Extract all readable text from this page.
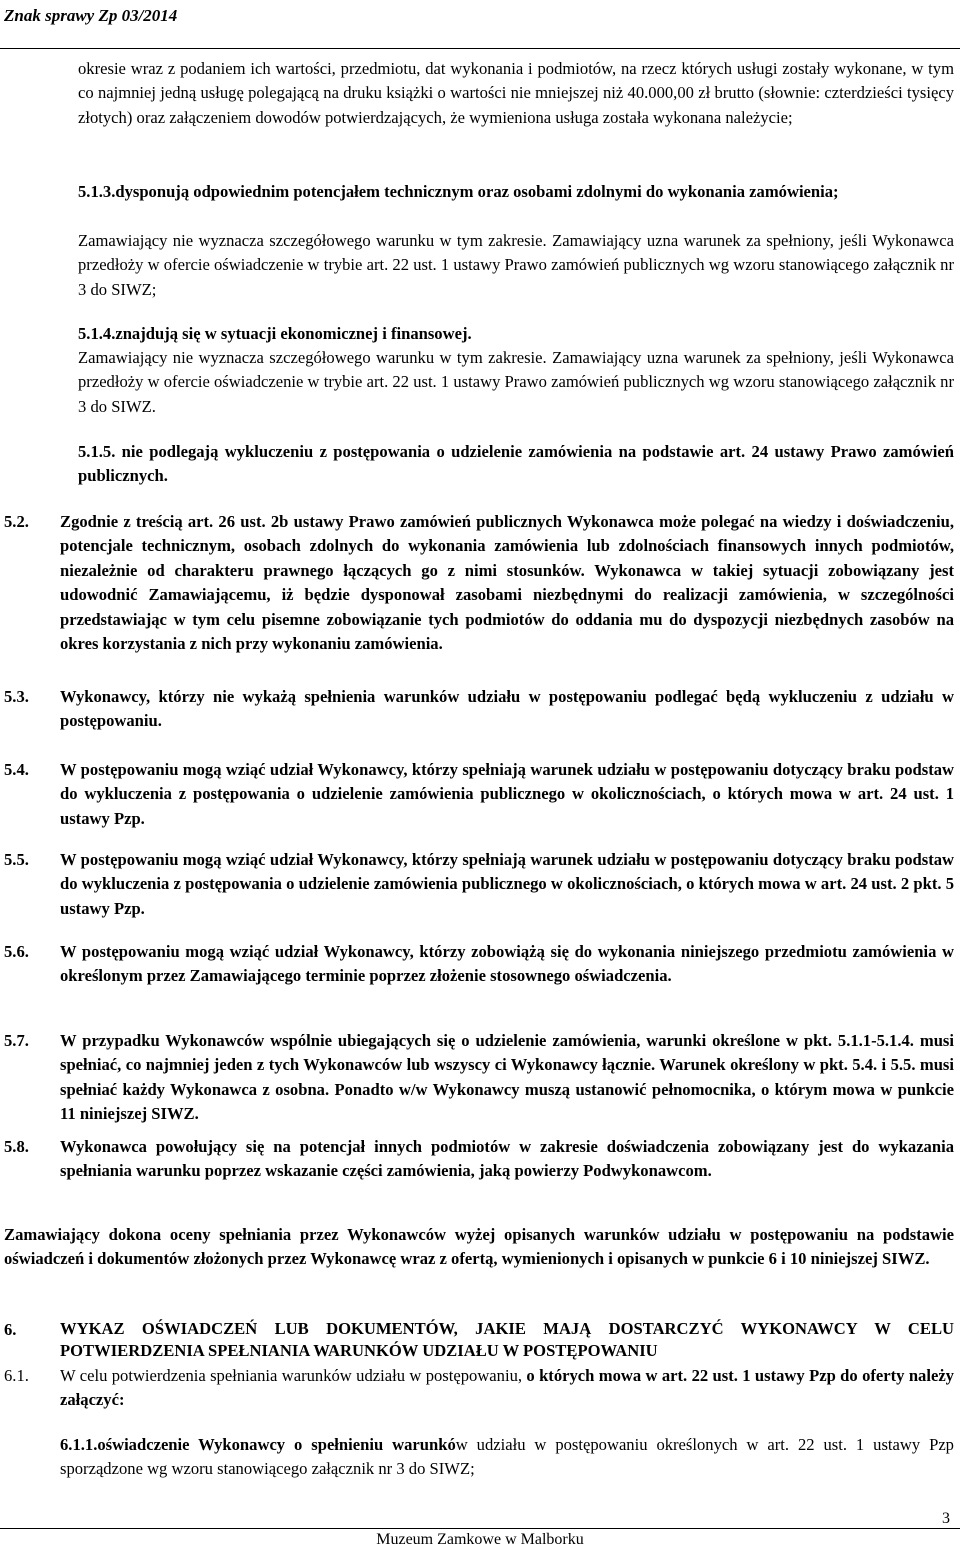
Znak sprawy Zp 03/2014
okresie wraz z podaniem ich wartości, przedmiotu, dat wykonania i podmiotów, na rzecz których usługi zostały wykonane, w tym co najmniej jedną usługę polegającą na druku książki o wartości nie mniejszej niż 40.000,00 zł brutto (słownie: czterdzieści tysięcy złotych) oraz załączeniem dowodów potwierdzających, że wymieniona usługa została wykonana należycie;
5.1.3.dysponują odpowiednim potencjałem technicznym oraz osobami zdolnymi do wykonania zamówienia;
Zamawiający nie wyznacza szczegółowego warunku w tym zakresie. Zamawiający uzna warunek za spełniony, jeśli Wykonawca przedłoży w ofercie oświadczenie w trybie art. 22 ust. 1 ustawy Prawo zamówień publicznych wg wzoru stanowiącego załącznik nr 3 do SIWZ;
5.1.4.znajdują się w sytuacji ekonomicznej i finansowej.
Zamawiający nie wyznacza szczegółowego warunku w tym zakresie. Zamawiający uzna warunek za spełniony, jeśli Wykonawca przedłoży w ofercie oświadczenie w trybie art. 22 ust. 1 ustawy Prawo zamówień publicznych wg wzoru stanowiącego załącznik nr 3 do SIWZ.
5.1.5. nie podlegają wykluczeniu z postępowania o udzielenie zamówienia na podstawie art. 24 ustawy Prawo zamówień publicznych.
5.2. Zgodnie z treścią art. 26 ust. 2b ustawy Prawo zamówień publicznych Wykonawca może polegać na wiedzy i doświadczeniu, potencjale technicznym, osobach zdolnych do wykonania zamówienia lub zdolnościach finansowych innych podmiotów, niezależnie od charakteru prawnego łączących go z nimi stosunków. Wykonawca w takiej sytuacji zobowiązany jest udowodnić Zamawiającemu, iż będzie dysponował zasobami niezbędnymi do realizacji zamówienia, w szczególności przedstawiając w tym celu pisemne zobowiązanie tych podmiotów do oddania mu do dyspozycji niezbędnych zasobów na okres korzystania z nich przy wykonaniu zamówienia.
5.3. Wykonawcy, którzy nie wykażą spełnienia warunków udziału w postępowaniu podlegać będą wykluczeniu z udziału w postępowaniu.
5.4. W postępowaniu mogą wziąć udział Wykonawcy, którzy spełniają warunek udziału w postępowaniu dotyczący braku podstaw do wykluczenia z postępowania o udzielenie zamówienia publicznego w okolicznościach, o których mowa w art. 24 ust. 1 ustawy Pzp.
5.5. W postępowaniu mogą wziąć udział Wykonawcy, którzy spełniają warunek udziału w postępowaniu dotyczący braku podstaw do wykluczenia z postępowania o udzielenie zamówienia publicznego w okolicznościach, o których mowa w art. 24 ust. 2 pkt. 5 ustawy Pzp.
5.6. W postępowaniu mogą wziąć udział Wykonawcy, którzy zobowiążą się do wykonania niniejszego przedmiotu zamówienia w określonym przez Zamawiającego terminie poprzez złożenie stosownego oświadczenia.
5.7. W przypadku Wykonawców wspólnie ubiegających się o udzielenie zamówienia, warunki określone w pkt. 5.1.1-5.1.4. musi spełniać, co najmniej jeden z tych Wykonawców lub wszyscy ci Wykonawcy łącznie. Warunek określony w pkt. 5.4. i 5.5. musi spełniać każdy Wykonawca z osobna. Ponadto w/w Wykonawcy muszą ustanowić pełnomocnika, o którym mowa w punkcie 11 niniejszej SIWZ.
5.8. Wykonawca powołujący się na potencjał innych podmiotów w zakresie doświadczenia zobowiązany jest do wykazania spełniania warunku poprzez wskazanie części zamówienia, jaką powierzy Podwykonawcom.
Zamawiający dokona oceny spełniania przez Wykonawców wyżej opisanych warunków udziału w postępowaniu na podstawie oświadczeń i dokumentów złożonych przez Wykonawcę wraz z ofertą, wymienionych i opisanych w punkcie 6 i 10 niniejszej SIWZ.
6.	WYKAZ OŚWIADCZEŃ LUB DOKUMENTÓW, JAKIE MAJĄ DOSTARCZYĆ WYKONAWCY W CELU POTWIERDZENIA SPEŁNIANIA WARUNKÓW UDZIAŁU W POSTĘPOWANIU
6.1. W celu potwierdzenia spełniania warunków udziału w postępowaniu, o których mowa w art. 22 ust. 1 ustawy Pzp do oferty należy załączyć:
6.1.1.oświadczenie Wykonawcy o spełnieniu warunków udziału w postępowaniu określonych w art. 22 ust. 1 ustawy Pzp sporządzone wg wzoru stanowiącego załącznik nr 3 do SIWZ;
3
Muzeum Zamkowe w Malborku
